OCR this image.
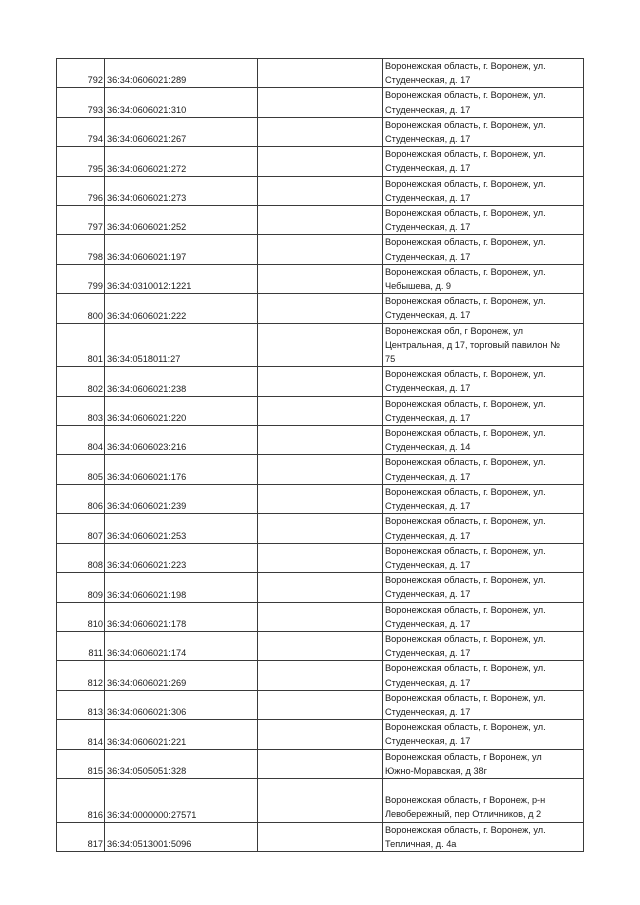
792	36:34:0606021:289		Воронежская область, г. Воронеж, ул.
Студенческая, д. 17

793	36:34:0606021:310		Воронежская область, г. Воронеж, ул.
Студенческая, д. 17

794	36:34:0606021:267		Воронежская область, г. Воронеж, ул.
Студенческая, д. 17

795	36:34:0606021:272		Воронежская область, г. Воронеж, ул.
Студенческая, д. 17

796	36:34:0606021:273		Воронежская область, г. Воронеж, ул.
Студенческая, д. 17

797	36:34:0606021:252		Воронежская область, г. Воронеж, ул.
Студенческая, д. 17

798	36:34:0606021:197		Воронежская область, г. Воронеж, ул.
Студенческая, д. 17

799	36:34:0310012:1221		Воронежская область, г. Воронеж, ул.
Чебышева, д. 9

800	36:34:0606021:222		Воронежская область, г. Воронеж, ул.
Студенческая, д. 17

801	36:34:0518011:27		Воронежская обл, г Воронеж, ул
Центральная, д 17, торговый павилон №
75

802	36:34:0606021:238		Воронежская область, г. Воронеж, ул.
Студенческая, д. 17

803	36:34:0606021:220		Воронежская область, г. Воронеж, ул.
Студенческая, д. 17

804	36:34:0606023:216		Воронежская область, г. Воронеж, ул.
Студенческая, д. 14

805	36:34:0606021:176		Воронежская область, г. Воронеж, ул.
Студенческая, д. 17

806	36:34:0606021:239		Воронежская область, г. Воронеж, ул.
Студенческая, д. 17

807	36:34:0606021:253		Воронежская область, г. Воронеж, ул.
Студенческая, д. 17

808	36:34:0606021:223		Воронежская область, г. Воронеж, ул.
Студенческая, д. 17

809	36:34:0606021:198		Воронежская область, г. Воронеж, ул.
Студенческая, д. 17

810	36:34:0606021:178		Воронежская область, г. Воронеж, ул.
Студенческая, д. 17

811	36:34:0606021:174		Воронежская область, г. Воронеж, ул.
Студенческая, д. 17

812	36:34:0606021:269		Воронежская область, г. Воронеж, ул.
Студенческая, д. 17

813	36:34:0606021:306		Воронежская область, г. Воронеж, ул.
Студенческая, д. 17

814	36:34:0606021:221		Воронежская область, г. Воронеж, ул.
Студенческая, д. 17

815	36:34:0505051:328		Воронежская область, г Воронеж, ул
Южно-Моравская, д 38г

816	36:34:0000000:27571		Воронежская область, г Воронеж, р-н
Левобережный, пер Отличников, д 2

817	36:34:0513001:5096		Воронежская область, г. Воронеж, ул.
Тепличная, д. 4а
